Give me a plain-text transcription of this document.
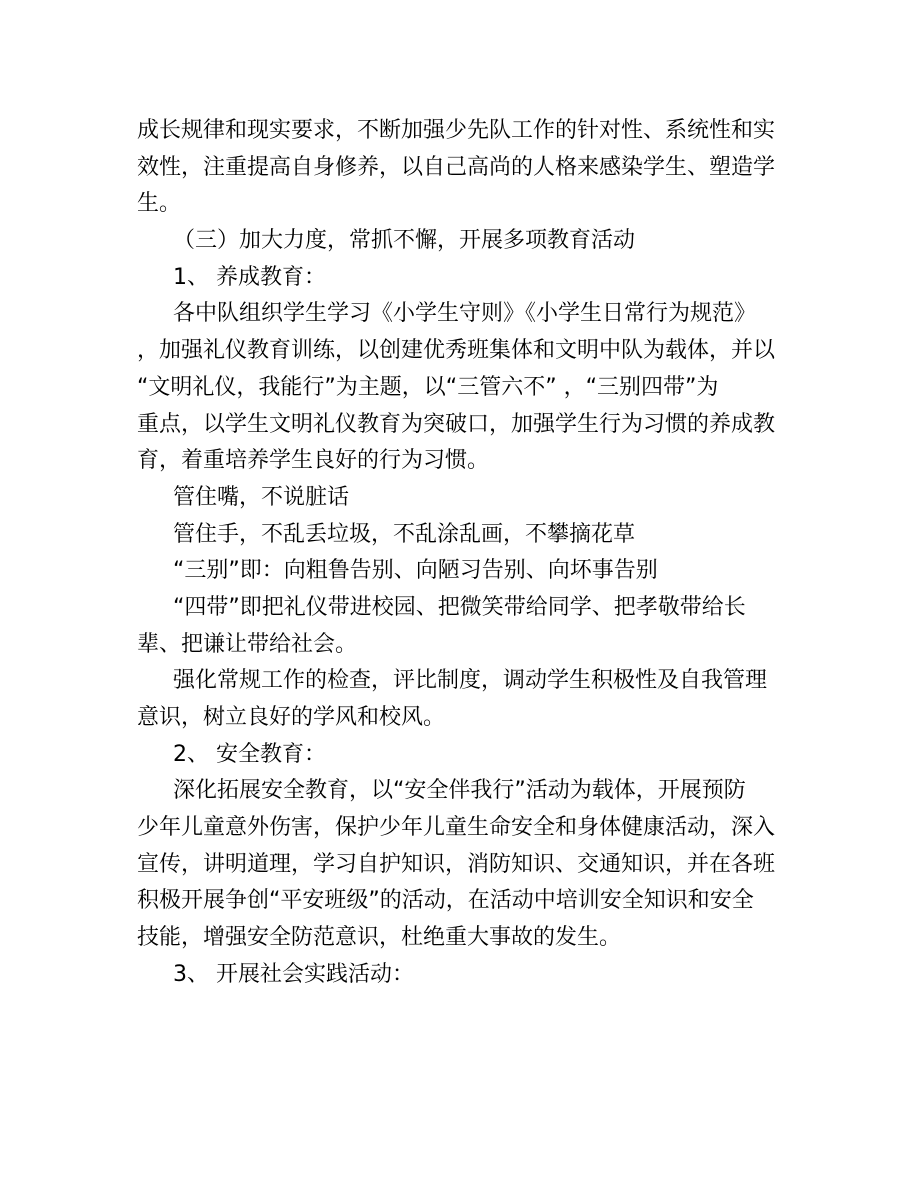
成长规律和现实要求，不断加强少先队工作的针对性、系统性和实
效性，注重提高自身修养，以自己高尚的人格来感染学生、塑造学
生。
（三）加大力度，常抓不懈，开展多项教育活动
1、 养成教育：
各中队组织学生学习《小学生守则》《小学生日常行为规范》
，加强礼仪教育训练，以创建优秀班集体和文明中队为载体，并以
“文明礼仪，我能行”为主题，以“三管六不” ，“三别四带”为
重点，以学生文明礼仪教育为突破口，加强学生行为习惯的养成教
育，着重培养学生良好的行为习惯。
管住嘴，不说脏话
管住手，不乱丢垃圾，不乱涂乱画，不攀摘花草
“三别”即：向粗鲁告别、向陋习告别、向坏事告别
“四带”即把礼仪带进校园、把微笑带给同学、把孝敬带给长
辈、把谦让带给社会。
强化常规工作的检查，评比制度，调动学生积极性及自我管理
意识，树立良好的学风和校风。
2、 安全教育：
深化拓展安全教育，以“安全伴我行”活动为载体，开展预防
少年儿童意外伤害，保护少年儿童生命安全和身体健康活动，深入
宣传，讲明道理，学习自护知识，消防知识、交通知识，并在各班
积极开展争创“平安班级”的活动，在活动中培训安全知识和安全
技能，增强安全防范意识，杜绝重大事故的发生。
3、 开展社会实践活动：
